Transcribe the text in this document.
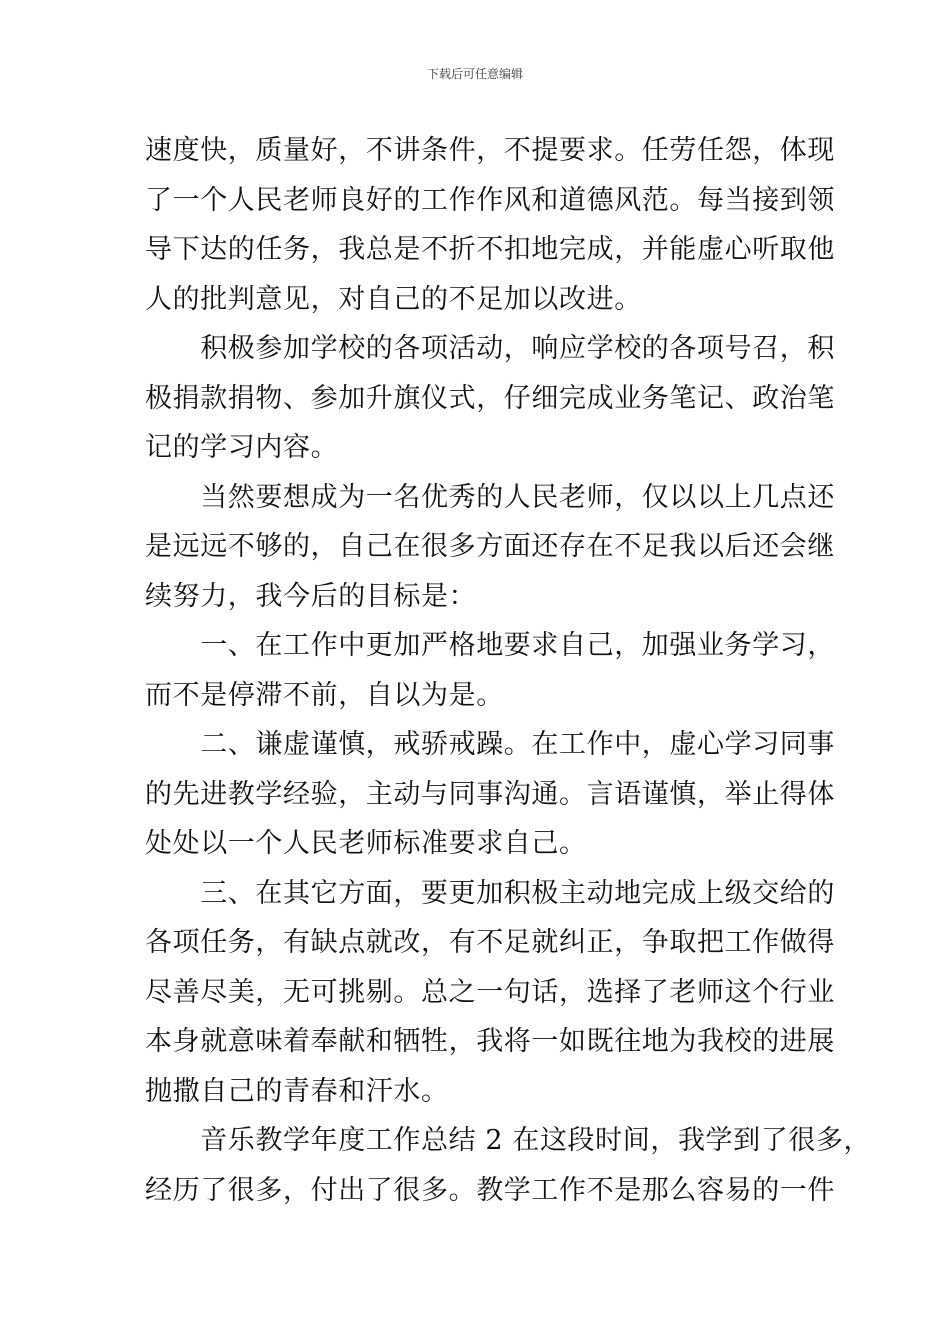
下载后可任意编辑

速度快，质量好，不讲条件，不提要求。任劳任怨，体现
了一个人民老师良好的工作作风和道德风范。每当接到领
导下达的任务，我总是不折不扣地完成，并能虚心听取他
人的批判意见，对自己的不足加以改进。

　　积极参加学校的各项活动，响应学校的各项号召，积
极捐款捐物、参加升旗仪式，仔细完成业务笔记、政治笔
记的学习内容。

　　当然要想成为一名优秀的人民老师，仅以以上几点还
是远远不够的，自己在很多方面还存在不足我以后还会继
续努力，我今后的目标是：

　　一、在工作中更加严格地要求自己，加强业务学习，
而不是停滞不前，自以为是。

　　二、谦虚谨慎，戒骄戒躁。在工作中，虚心学习同事
的先进教学经验，主动与同事沟通。言语谨慎，举止得体
处处以一个人民老师标准要求自己。

　　三、在其它方面，要更加积极主动地完成上级交给的
各项任务，有缺点就改，有不足就纠正，争取把工作做得
尽善尽美，无可挑剔。总之一句话，选择了老师这个行业
本身就意味着奉献和牺牲，我将一如既往地为我校的进展
抛撒自己的青春和汗水。

　　音乐教学年度工作总结 2 在这段时间，我学到了很多，
经历了很多，付出了很多。教学工作不是那么容易的一件
